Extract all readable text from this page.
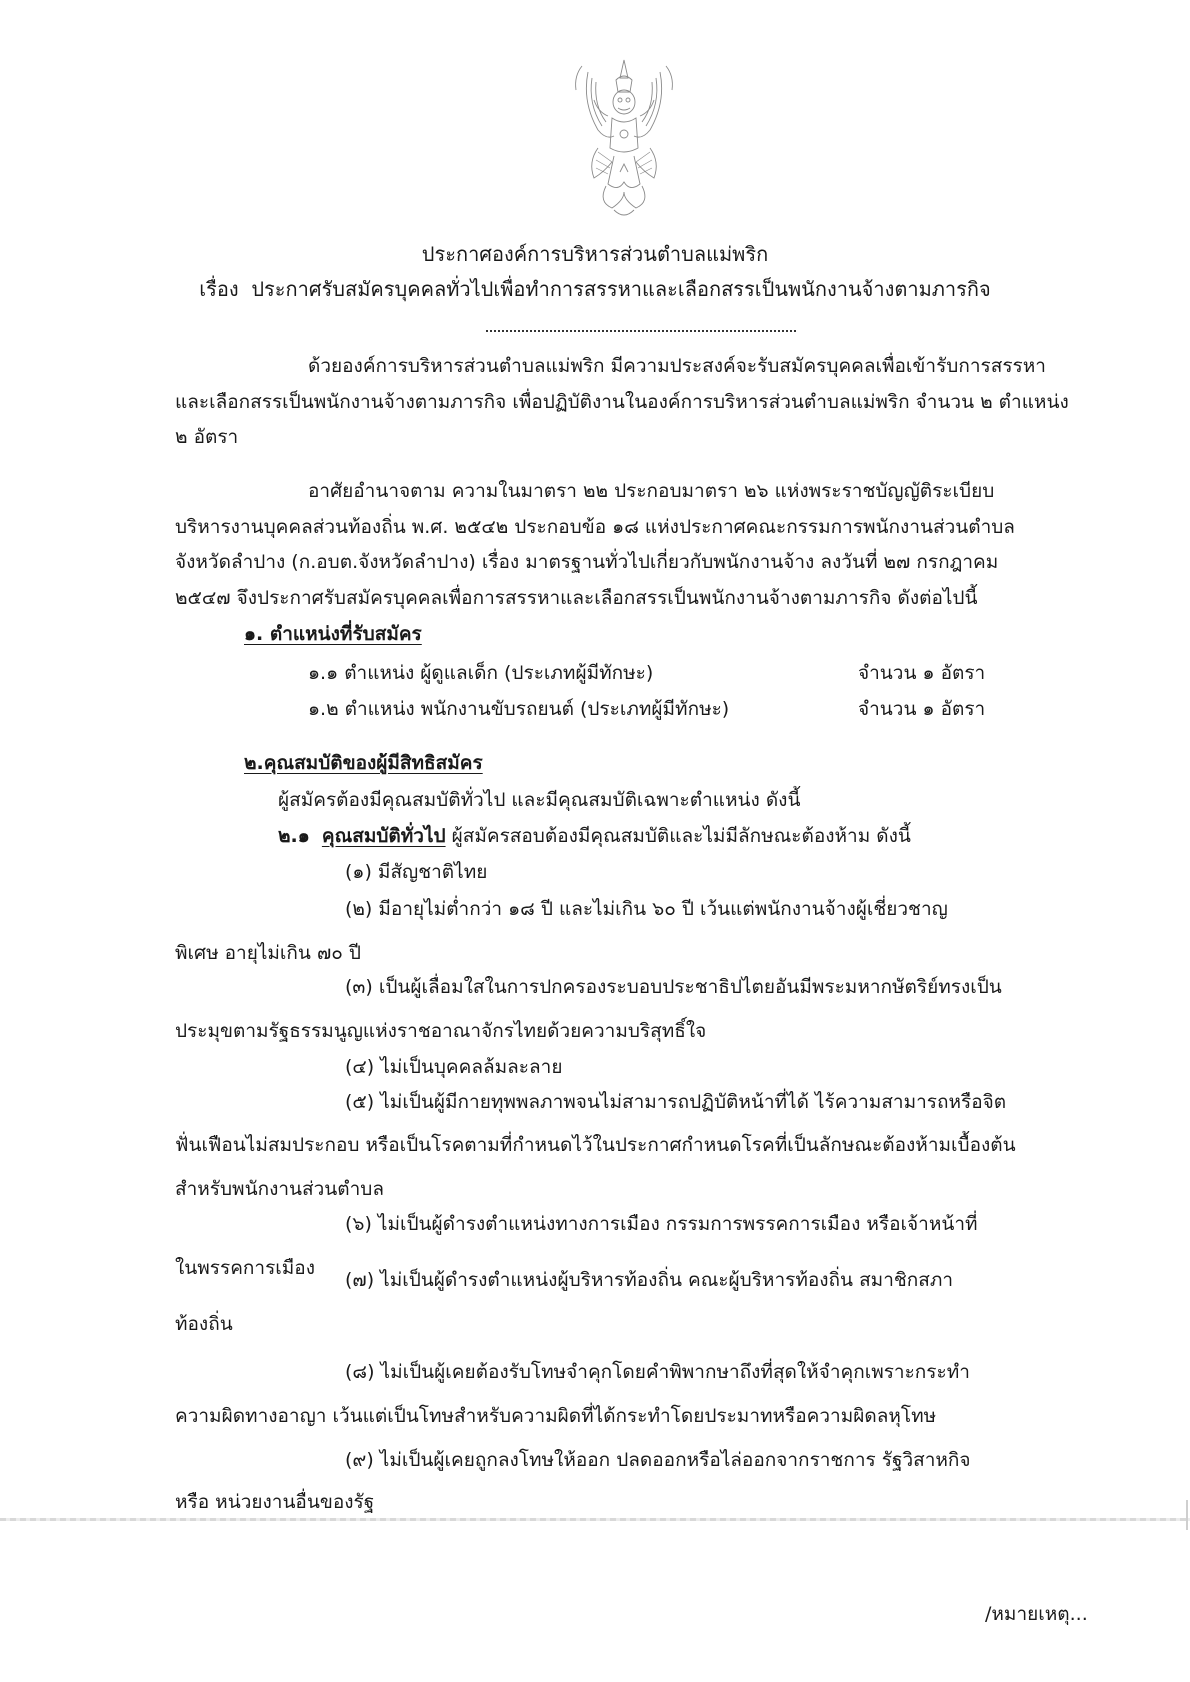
ประกาศองค์การบริหารส่วนตำบลแม่พริก
เรื่อง ประกาศรับสมัครบุคคลทั่วไปเพื่อทำการสรรหาและเลือกสรรเป็นพนักงานจ้างตามภารกิจ
ด้วยองค์การบริหารส่วนตำบลแม่พริก มีความประสงค์จะรับสมัครบุคคลเพื่อเข้ารับการสรรหา
และเลือกสรรเป็นพนักงานจ้างตามภารกิจ เพื่อปฏิบัติงานในองค์การบริหารส่วนตำบลแม่พริก จำนวน ๒ ตำแหน่ง
๒ อัตรา
อาศัยอำนาจตาม ความในมาตรา ๒๒ ประกอบมาตรา ๒๖ แห่งพระราชบัญญัติระเบียบ
บริหารงานบุคคลส่วนท้องถิ่น พ.ศ. ๒๕๔๒ ประกอบข้อ ๑๘ แห่งประกาศคณะกรรมการพนักงานส่วนตำบล
จังหวัดลำปาง (ก.อบต.จังหวัดลำปาง) เรื่อง มาตรฐานทั่วไปเกี่ยวกับพนักงานจ้าง ลงวันที่ ๒๗ กรกฎาคม
๒๕๔๗ จึงประกาศรับสมัครบุคคลเพื่อการสรรหาและเลือกสรรเป็นพนักงานจ้างตามภารกิจ ดังต่อไปนี้
๑. ตำแหน่งที่รับสมัคร
๑.๑ ตำแหน่ง ผู้ดูแลเด็ก (ประเภทผู้มีทักษะ)	จำนวน ๑ อัตรา
๑.๒ ตำแหน่ง พนักงานขับรถยนต์ (ประเภทผู้มีทักษะ)	จำนวน ๑ อัตรา
๒.คุณสมบัติของผู้มีสิทธิสมัคร
ผู้สมัครต้องมีคุณสมบัติทั่วไป และมีคุณสมบัติเฉพาะตำแหน่ง ดังนี้
๒.๑ คุณสมบัติทั่วไป ผู้สมัครสอบต้องมีคุณสมบัติและไม่มีลักษณะต้องห้าม ดังนี้
(๑) มีสัญชาติไทย
(๒) มีอายุไม่ต่ำกว่า ๑๘ ปี และไม่เกิน ๖๐ ปี เว้นแต่พนักงานจ้างผู้เชี่ยวชาญ
พิเศษ อายุไม่เกิน ๗๐ ปี
(๓) เป็นผู้เลื่อมใสในการปกครองระบอบประชาธิปไตยอันมีพระมหากษัตริย์ทรงเป็น
ประมุขตามรัฐธรรมนูญแห่งราชอาณาจักรไทยด้วยความบริสุทธิ์ใจ
(๔) ไม่เป็นบุคคลล้มละลาย
(๕) ไม่เป็นผู้มีกายทุพพลภาพจนไม่สามารถปฏิบัติหน้าที่ได้ ไร้ความสามารถหรือจิต
ฟั่นเฟือนไม่สมประกอบ หรือเป็นโรคตามที่กำหนดไว้ในประกาศกำหนดโรคที่เป็นลักษณะต้องห้ามเบื้องต้น
สำหรับพนักงานส่วนตำบล
(๖) ไม่เป็นผู้ดำรงตำแหน่งทางการเมือง กรรมการพรรคการเมือง หรือเจ้าหน้าที่
ในพรรคการเมือง
(๗) ไม่เป็นผู้ดำรงตำแหน่งผู้บริหารท้องถิ่น คณะผู้บริหารท้องถิ่น สมาชิกสภา
ท้องถิ่น
(๘) ไม่เป็นผู้เคยต้องรับโทษจำคุกโดยคำพิพากษาถึงที่สุดให้จำคุกเพราะกระทำ
ความผิดทางอาญา เว้นแต่เป็นโทษสำหรับความผิดที่ได้กระทำโดยประมาทหรือความผิดลหุโทษ
(๙) ไม่เป็นผู้เคยถูกลงโทษให้ออก ปลดออกหรือไล่ออกจากราชการ รัฐวิสาหกิจ
หรือ หน่วยงานอื่นของรัฐ
/หมายเหตุ...
